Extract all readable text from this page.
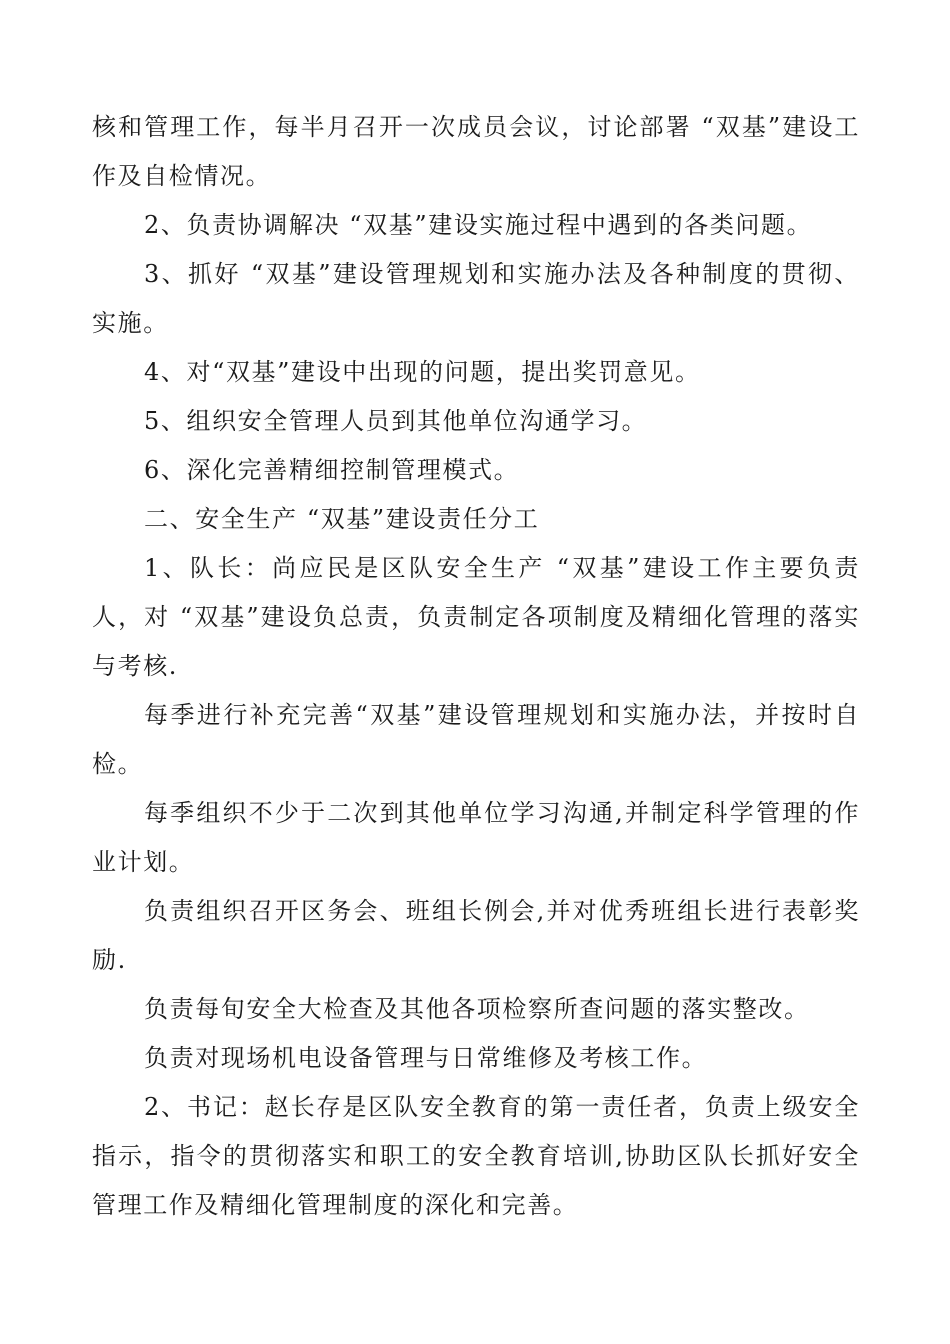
核和管理工作，每半月召开一次成员会议，讨论部署 “双基”建设工作及自检情况。

2、负责协调解决 “双基”建设实施过程中遇到的各类问题。

3、抓好 “双基”建设管理规划和实施办法及各种制度的贯彻、实施。

4、对“双基”建设中出现的问题，提出奖罚意见。

5、组织安全管理人员到其他单位沟通学习。

6、深化完善精细控制管理模式。

二、安全生产 “双基”建设责任分工

1、队长：尚应民是区队安全生产 “双基”建设工作主要负责人，对 “双基”建设负总责，负责制定各项制度及精细化管理的落实与考核.

每季进行补充完善“双基”建设管理规划和实施办法，并按时自检。

每季组织不少于二次到其他单位学习沟通,并制定科学管理的作业计划。

负责组织召开区务会、班组长例会,并对优秀班组长进行表彰奖励.

负责每旬安全大检查及其他各项检察所查问题的落实整改。

负责对现场机电设备管理与日常维修及考核工作。

2、书记：赵长存是区队安全教育的第一责任者，负责上级安全指示，指令的贯彻落实和职工的安全教育培训,协助区队长抓好安全管理工作及精细化管理制度的深化和完善。
